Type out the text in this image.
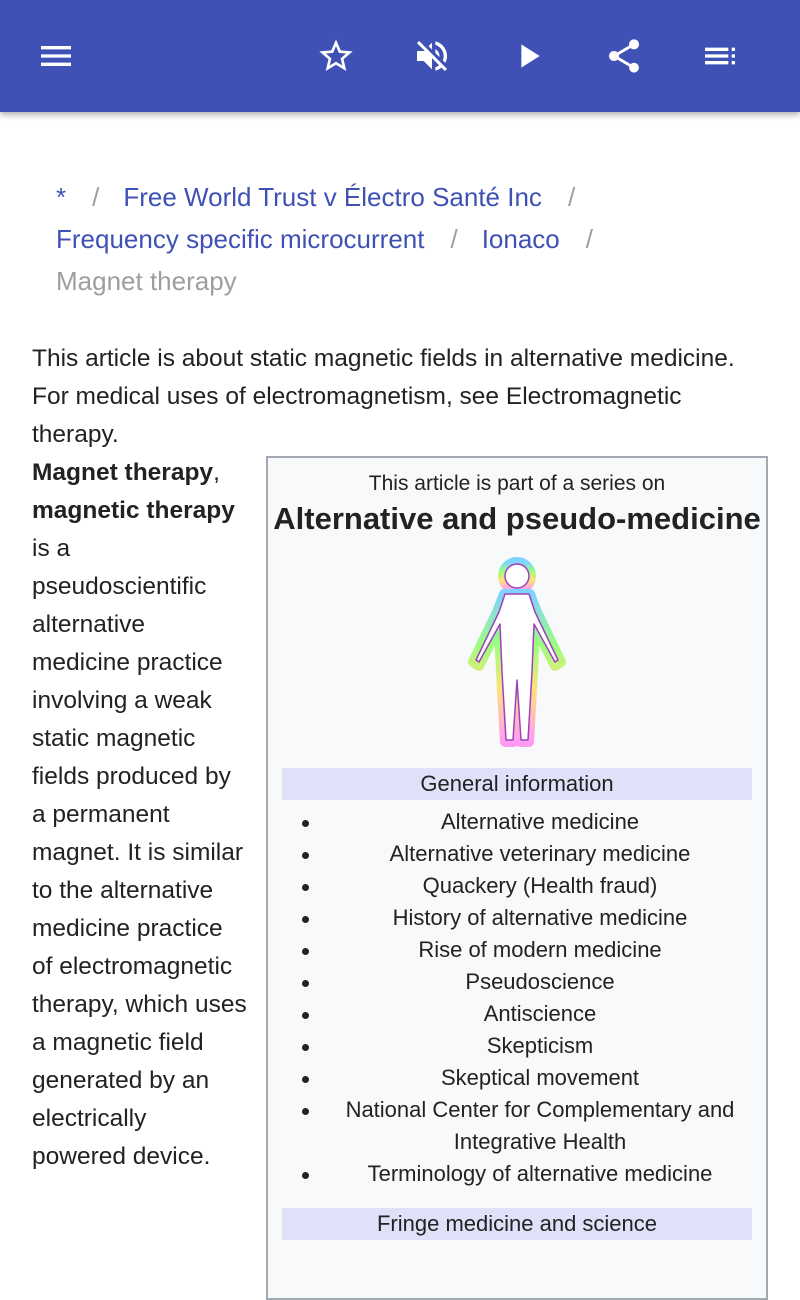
* / Free World Trust v Électro Santé Inc /
Frequency specific microcurrent / Ionaco /
Magnet therapy

This article is about static magnetic fields in alternative medicine. For medical uses of electromagnetism, see Electromagnetic therapy.

Magnet therapy,
magnetic therapy is a pseudoscientific alternative medicine practice involving a weak static magnetic fields produced by a permanent magnet. It is similar to the alternative medicine practice of electromagnetic therapy, which uses a magnetic field generated by an electrically powered device.

This article is part of a series on
Alternative and pseudo-medicine
General information
Alternative medicine
Alternative veterinary medicine
Quackery (Health fraud)
History of alternative medicine
Rise of modern medicine
Pseudoscience
Antiscience
Skepticism
Skeptical movement
National Center for Complementary and Integrative Health
Terminology of alternative medicine
Fringe medicine and science
